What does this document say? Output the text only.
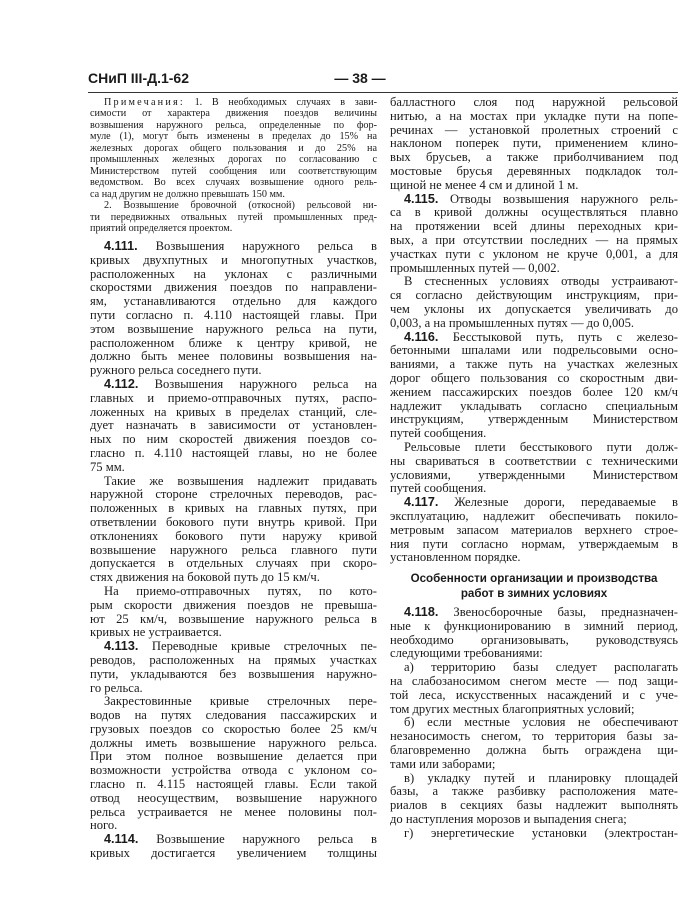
СНиП III-Д.1-62	— 38 —
Примечания: 1. В необходимых случаях в зави-
симости от характера движения поездов величины
возвышения наружного рельса, определенные по фор-
муле (1), могут быть изменены в пределах до 15% на
железных дорогах общего пользования и до 25% на
промышленных железных дорогах по согласованию с
Министерством путей сообщения или соответствующим
ведомством. Во всех случаях возвышение одного рель-
са над другим не должно превышать 150 мм.
2. Возвышение бровочной (откосной) рельсовой ни-
ти передвижных отвальных путей промышленных пред-
приятий определяется проектом.
4.111. Возвышения наружного рельса в
кривых двухпутных и многопутных участков,
расположенных на уклонах с различными
скоростями движения поездов по направлени-
ям, устанавливаются отдельно для каждого
пути согласно п. 4.110 настоящей главы. При
этом возвышение наружного рельса на пути,
расположенном ближе к центру кривой, не
должно быть менее половины возвышения на-
ружного рельса соседнего пути.
4.112. Возвышения наружного рельса на
главных и приемо-отправочных путях, распо-
ложенных на кривых в пределах станций, сле-
дует назначать в зависимости от установлен-
ных по ним скоростей движения поездов со-
гласно п. 4.110 настоящей главы, но не более
75 мм.
Такие же возвышения надлежит придавать
наружной стороне стрелочных переводов, рас-
положенных в кривых на главных путях, при
ответвлении бокового пути внутрь кривой. При
отклонениях бокового пути наружу кривой
возвышение наружного рельса главного пути
допускается в отдельных случаях при скоро-
стях движения на боковой путь до 15 км/ч.
На приемо-отправочных путях, по кото-
рым скорости движения поездов не превыша-
ют 25 км/ч, возвышение наружного рельса в
кривых не устраивается.
4.113. Переводные кривые стрелочных пе-
реводов, расположенных на прямых участках
пути, укладываются без возвышения наружно-
го рельса.
Закрестовинные кривые стрелочных пере-
водов на путях следования пассажирских и
грузовых поездов со скоростью более 25 км/ч
должны иметь возвышение наружного рельса.
При этом полное возвышение делается при
возможности устройства отвода с уклоном со-
гласно п. 4.115 настоящей главы. Если такой
отвод неосуществим, возвышение наружного
рельса устраивается не менее половины пол-
ного.
4.114. Возвышение наружного рельса в
кривых достигается увеличением толщины
балластного слоя под наружной рельсовой
нитью, а на мостах при укладке пути на попе-
речинах — установкой пролетных строений с
наклоном поперек пути, применением клино-
вых брусьев, а также приболчиванием под
мостовые брусья деревянных подкладок тол-
щиной не менее 4 см и длиной 1 м.
4.115. Отводы возвышения наружного рель-
са в кривой должны осуществляться плавно
на протяжении всей длины переходных кри-
вых, а при отсутствии последних — на прямых
участках пути с уклоном не круче 0,001, а для
промышленных путей — 0,002.
В стесненных условиях отводы устраивают-
ся согласно действующим инструкциям, при-
чем уклоны их допускается увеличивать до
0,003, а на промышленных путях — до 0,005.
4.116. Бесстыковой путь, путь с железо-
бетонными шпалами или подрельсовыми осно-
ваниями, а также путь на участках железных
дорог общего пользования со скоростным дви-
жением пассажирских поездов более 120 км/ч
надлежит укладывать согласно специальным
инструкциям, утвержденным Министерством
путей сообщения.
Рельсовые плети бесстыкового пути долж-
ны свариваться в соответствии с техническими
условиями, утвержденными Министерством
путей сообщения.
4.117. Железные дороги, передаваемые в
эксплуатацию, надлежит обеспечивать покило-
метровым запасом материалов верхнего строе-
ния пути согласно нормам, утверждаемым в
установленном порядке.
Особенности организации и производства
работ в зимних условиях
4.118. Звеносборочные базы, предназначен-
ные к функционированию в зимний период,
необходимо организовывать, руководствуясь
следующими требованиями:
а) территорию базы следует располагать
на слабозаносимом снегом месте — под защи-
той леса, искусственных насаждений и с уче-
том других местных благоприятных условий;
б) если местные условия не обеспечивают
незаносимость снегом, то территория базы за-
благовременно должна быть ограждена щи-
тами или заборами;
в) укладку путей и планировку площадей
базы, а также разбивку расположения мате-
риалов в секциях базы надлежит выполнять
до наступления морозов и выпадения снега;
г) энергетические установки (электростан-
